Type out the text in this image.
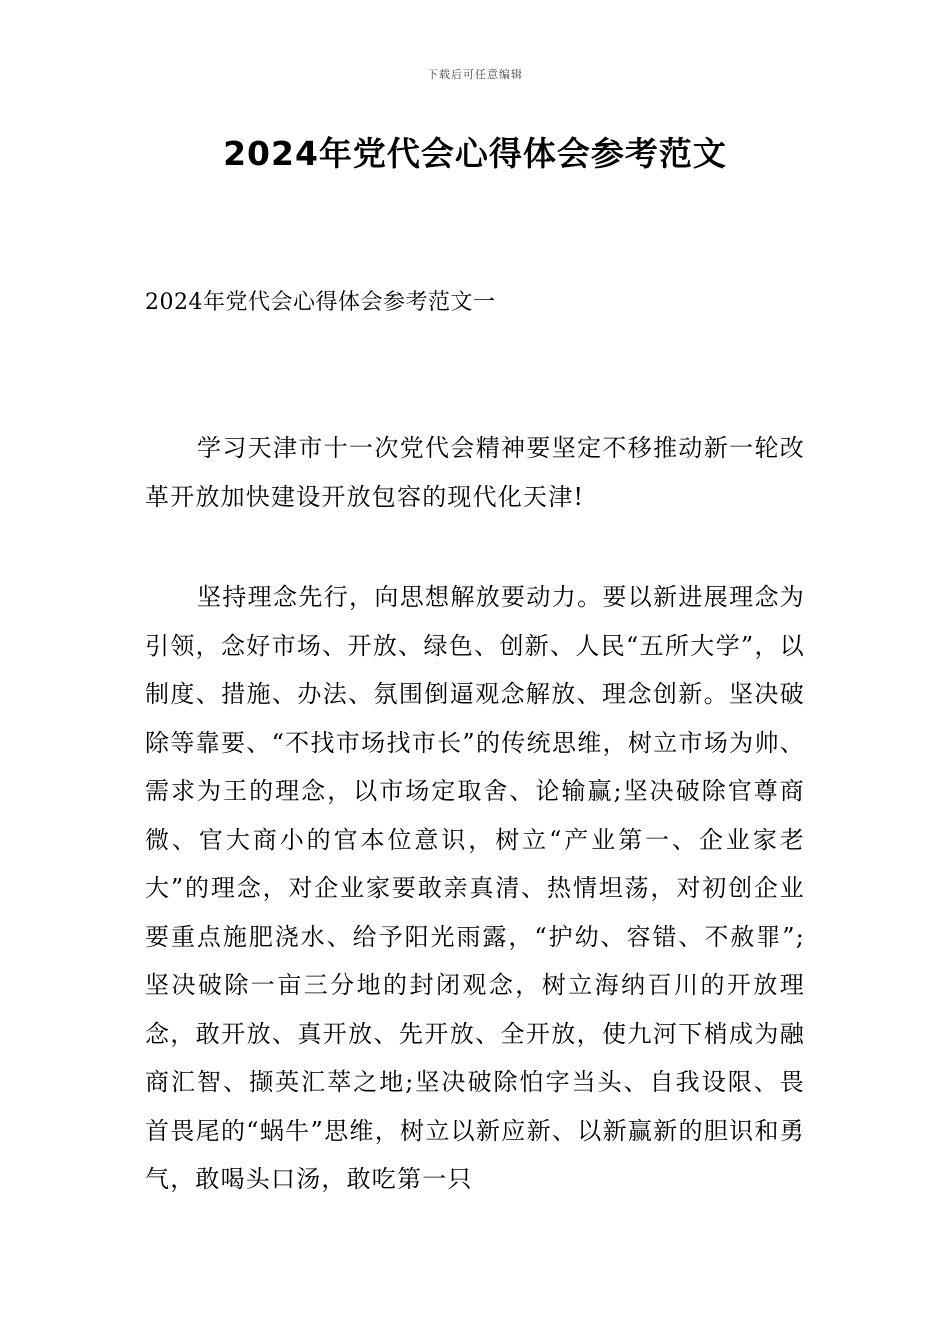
下载后可任意编辑
2024年党代会心得体会参考范文
2024年党代会心得体会参考范文一

学习天津市十一次党代会精神要坚定不移推动新一轮改革开放加快建设开放包容的现代化天津!

坚持理念先行，向思想解放要动力。要以新进展理念为引领，念好市场、开放、绿色、创新、人民“五所大学”，以制度、措施、办法、氛围倒逼观念解放、理念创新。坚决破除等靠要、“不找市场找市长”的传统思维，树立市场为帅、需求为王的理念，以市场定取舍、论输赢;坚决破除官尊商微、官大商小的官本位意识，树立“产业第一、企业家老大”的理念，对企业家要敢亲真清、热情坦荡，对初创企业要重点施肥浇水、给予阳光雨露，“护幼、容错、不赦罪”;坚决破除一亩三分地的封闭观念，树立海纳百川的开放理念，敢开放、真开放、先开放、全开放，使九河下梢成为融商汇智、撷英汇萃之地;坚决破除怕字当头、自我设限、畏首畏尾的“蜗牛”思维，树立以新应新、以新赢新的胆识和勇气，敢喝头口汤，敢吃第一只
